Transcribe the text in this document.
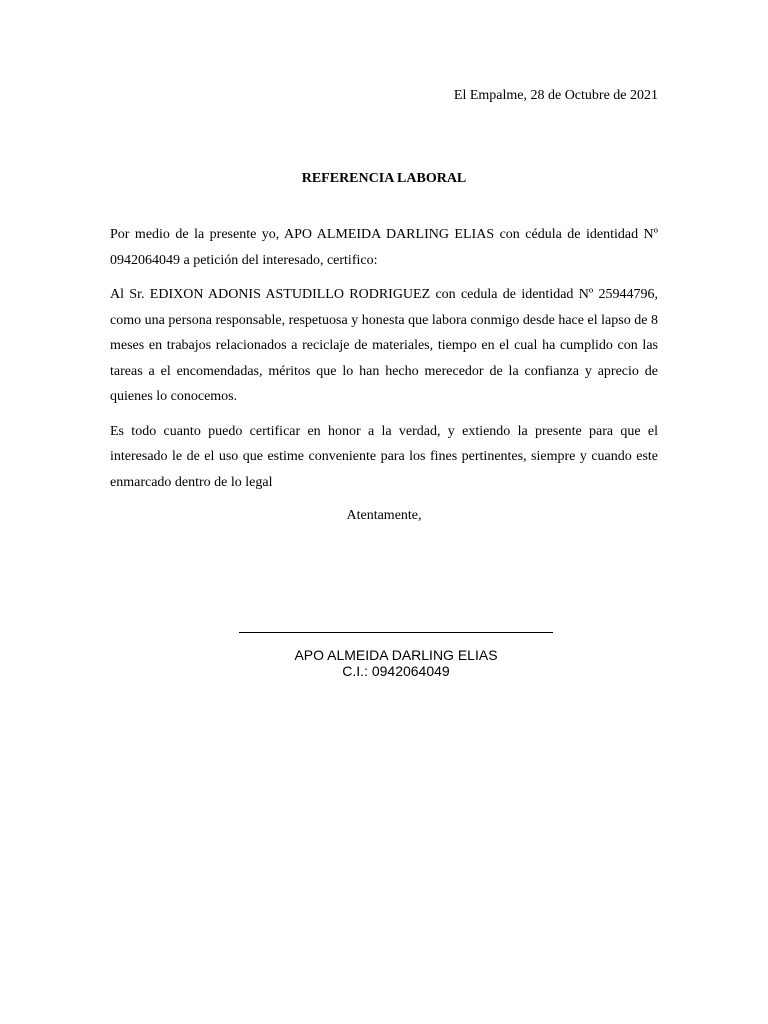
El Empalme, 28 de Octubre de 2021

REFERENCIA LABORAL

Por medio de la presente yo, APO ALMEIDA DARLING ELIAS con cédula de identidad Nº 0942064049 a petición del interesado, certifico:

Al Sr. EDIXON ADONIS ASTUDILLO RODRIGUEZ con cedula de identidad Nº 25944796, como una persona responsable, respetuosa y honesta que labora conmigo desde hace el lapso de 8 meses en trabajos relacionados a reciclaje de materiales, tiempo en el cual ha cumplido con las tareas a el encomendadas, méritos que lo han hecho merecedor de la confianza y aprecio de quienes lo conocemos.

Es todo cuanto puedo certificar en honor a la verdad, y extiendo la presente para que el interesado le de el uso que estime conveniente para los fines pertinentes, siempre y cuando este enmarcado dentro de lo legal

Atentamente,

APO ALMEIDA DARLING ELIAS

C.I.: 0942064049
